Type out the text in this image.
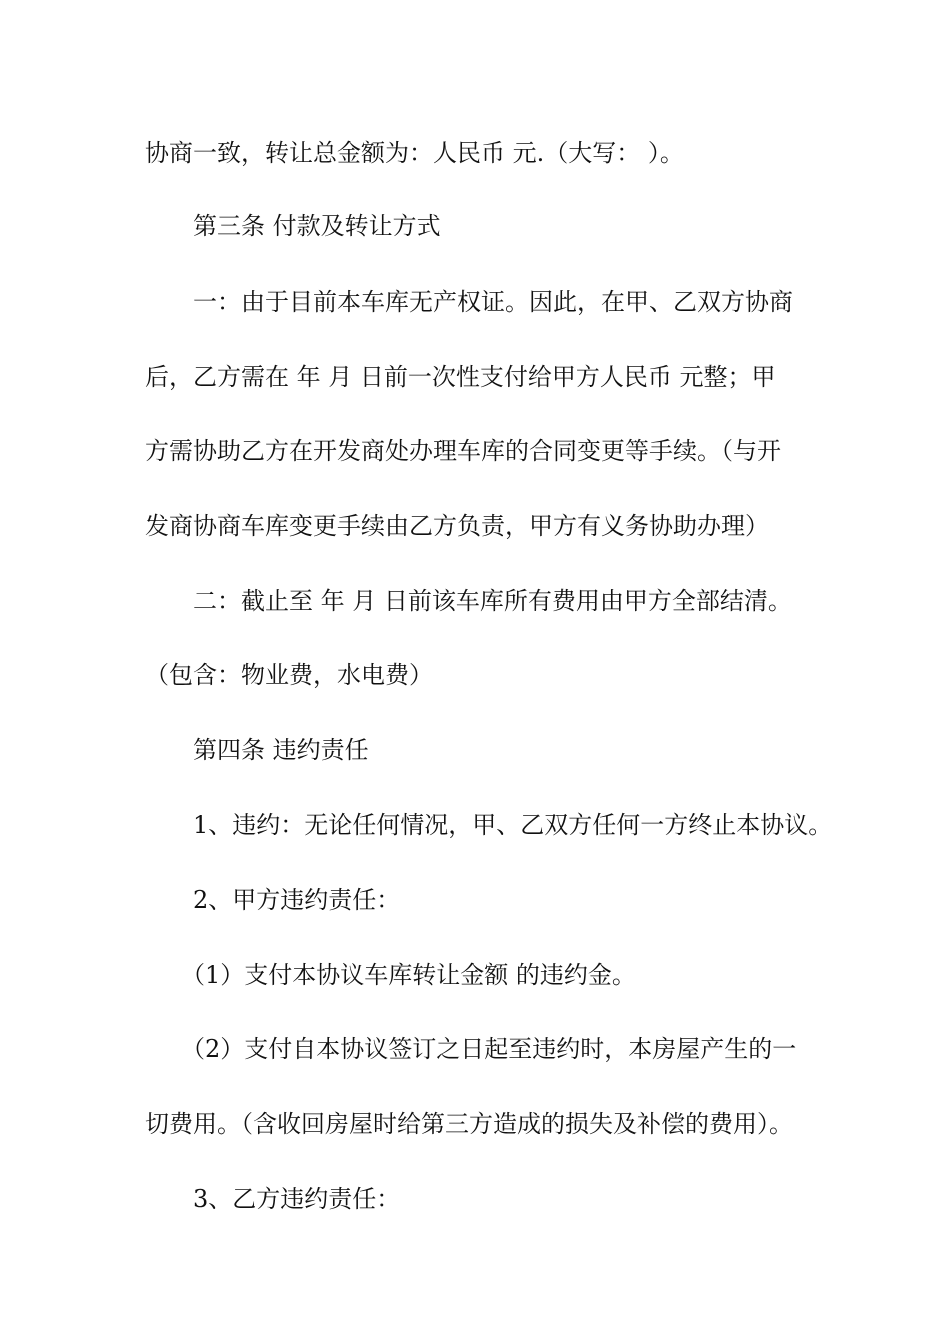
协商一致，转让总金额为：人民币 元.（大写： ）。
第三条 付款及转让方式
一：由于目前本车库无产权证。因此，在甲、乙双方协商
后，乙方需在 年 月 日前一次性支付给甲方人民币 元整；甲
方需协助乙方在开发商处办理车库的合同变更等手续。（与开
发商协商车库变更手续由乙方负责，甲方有义务协助办理）
二：截止至 年 月 日前该车库所有费用由甲方全部结清。
（包含：物业费，水电费）
第四条 违约责任
1、违约：无论任何情况，甲、乙双方任何一方终止本协议。
2、甲方违约责任：
（1）支付本协议车库转让金额 的违约金。
（2）支付自本协议签订之日起至违约时，本房屋产生的一
切费用。（含收回房屋时给第三方造成的损失及补偿的费用）。
3、乙方违约责任：
